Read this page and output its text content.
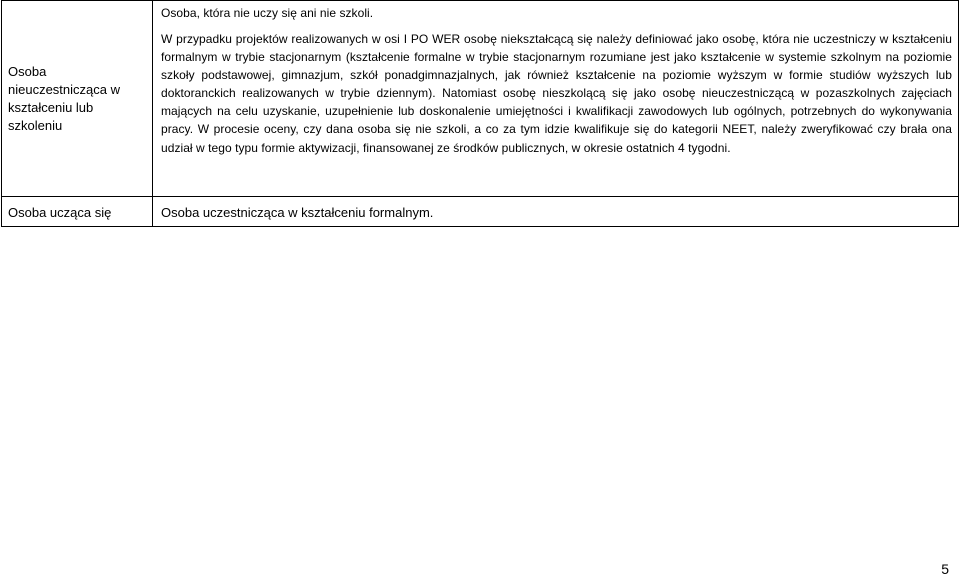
Osoba nieuczestnicząca w kształceniu lub szkoleniu	Osoba, która nie uczy się ani nie szkoli.
W przypadku projektów realizowanych w osi I PO WER osobę niekształcącą się należy definiować jako osobę, która nie uczestniczy w kształceniu formalnym w trybie stacjonarnym (kształcenie formalne w trybie stacjonarnym rozumiane jest jako kształcenie w systemie szkolnym na poziomie szkoły podstawowej, gimnazjum, szkół ponadgimnazjalnych, jak również kształcenie na poziomie wyższym w formie studiów wyższych lub doktoranckich realizowanych w trybie dziennym). Natomiast osobę nieszkolącą się jako osobę nieuczestniczącą w pozaszkolnych zajęciach mających na celu uzyskanie, uzupełnienie lub doskonalenie umiejętności i kwalifikacji zawodowych lub ogólnych, potrzebnych do wykonywania pracy. W procesie oceny, czy dana osoba się nie szkoli, a co za tym idzie kwalifikuje się do kategorii NEET, należy zweryfikować czy brała ona udział w tego typu formie aktywizacji, finansowanej ze środków publicznych, w okresie ostatnich 4 tygodni.

Osoba ucząca się	Osoba uczestnicząca w kształceniu formalnym.
5
